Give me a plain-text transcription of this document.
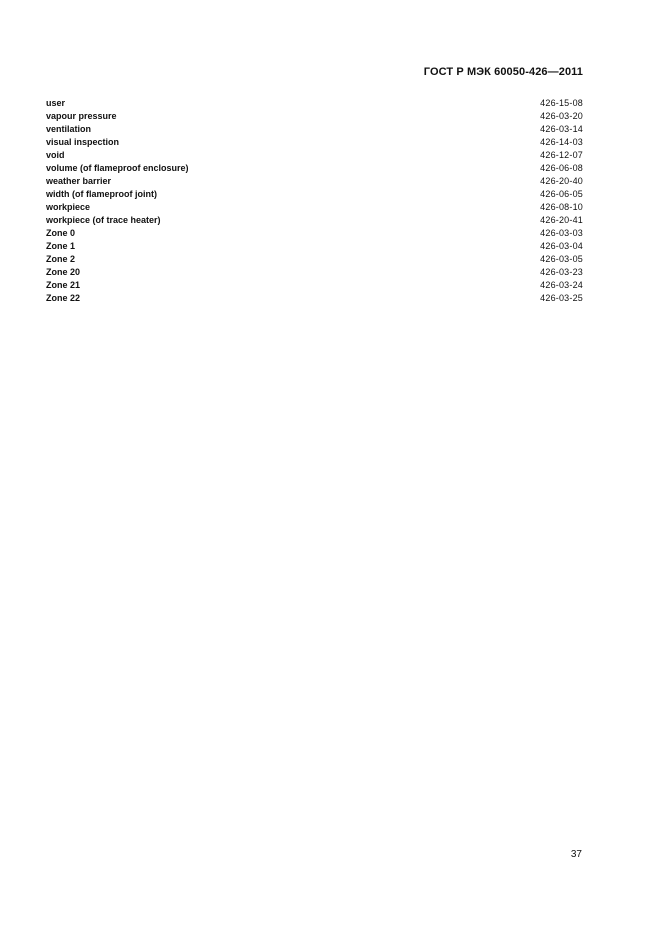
ГОСТ Р МЭК 60050-426—2011
user	426-15-08
vapour pressure	426-03-20
ventilation	426-03-14
visual inspection	426-14-03
void	426-12-07
volume (of flameproof enclosure)	426-06-08
weather barrier	426-20-40
width (of flameproof joint)	426-06-05
workpiece	426-08-10
workpiece (of trace heater)	426-20-41
Zone 0	426-03-03
Zone 1	426-03-04
Zone 2	426-03-05
Zone 20	426-03-23
Zone 21	426-03-24
Zone 22	426-03-25
37
